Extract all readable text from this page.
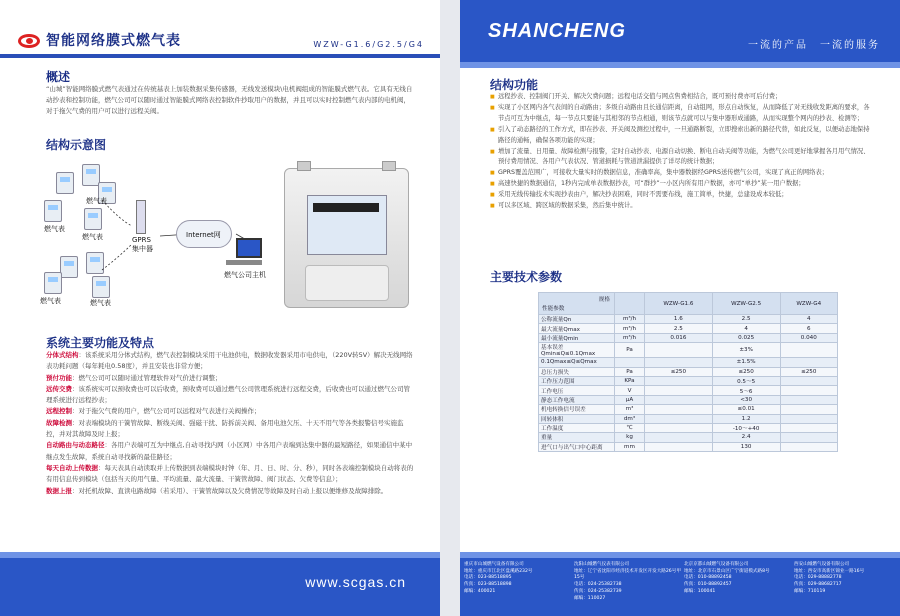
智能网络膜式燃气表	WZW-G1.6/G2.5/G4
概述
“山城”智能网络膜式燃气表通过在传统基表上加装数据采集传感器，无线发送模块\电机阀组成的智能膜式燃气表。它具有无线自动抄表和控制功能，燃气公司可以随时通过智能膜式网络表控制软件抄取用户的数据，并且可以实时控制燃气表内部的电机阀，对于拖欠气费的用户可以进行远程关阀。
结构示意图
燃气表
燃气表
燃气表
燃气表	燃气表
GPRS
集中器
Internet网
燃气公司主机
系统主要功能及特点

分体式结构：该系统采用分体式结构，燃气表控制模块采用干电池供电，数据收发器采用市电供电，（220V转5V）解决无线网络表功耗问题（每年耗电0.58度），并且安装也非常方便；

预付功能：燃气公司可以随时通过管理软件对气价进行调整；

远传交费：该系统实可以预收费也可以后收费，预收费可以通过燃气公司管理系统进行远程交费，后收费也可以通过燃气公司管理系统进行远程抄表；

远程控制：对于拖欠气费的用户，燃气公司可以远程对气表进行关阀操作；

故障检测：对表端模块的干簧管故障、断线关阀、强磁干扰、防拆前关阀、备用电池欠压、十天不用气等各类报警信号实施监控，并对其故障及时上报；

自动路由与动态路径：各用户表端可互为中继点,自动寻找内网（小区网）中各用户表端到达集中器的最短路径，如果通信中某中继点发生故障，系统自动寻找新的最佳路径；

每天自动上传数据：每天表具自动读取并上传数据到表端模块时钟（年、月、日、时、分、秒），同时各表端控制模块自动将表的有用信息传到模块（包括当天的用气量、平均流量、最大流量、干簧管故障、阀门状态、欠费等信息）；

数据上报：对托机故障、直读电路故障（若采用）、干簧管故障以及欠费情况等故障及时自动上报以便维修及故障排除。

www.scgas.cn
SHANCHENG
一流的产品　一流的服务
结构功能
■ 远程抄表、控制阀门开关、解决欠费问题；远程电话交值与网点售费相结合，既可预付费亦可后付费；
■ 实现了小区网内各气表间的自动路由；多级自动路由且长通信距离，自动组网，形点自动恢复，从而降低了对无线收发距离的要求，各节点可互为中继点，每一节点只要能与其相邻的节点相通，则该节点就可以与集中器形成通路，从而实现整个网内的抄表、检测等；
■ 引入了动态路径的工作方式，即在抄表、开关阀及测控过程中，一旦通路断裂，立即搜索出新的路径代替，如此反复，以便动态地保持路径的通畅，确保各项功能的实现；
■ 增加了流量、日用量、故障检测与报警，定时自动抄表、电源自动切换、断电自动关阀等功能，为燃气公司更好地掌握各月用气情况、预付费用情况、各用户气表状况、管道损耗与管道泄漏提供了详尽的统计数据；
■ GPRS覆盖范围广，可接收大量实时的数据信息，准确率高，集中器数据经GPRS送传燃气公司，实现了真正的网络表；
■ 高速快捷的数据通信，1秒内完成单表数据抄表，可“群抄”一小区内所有用户数据，亦可“单抄”某一用户数据；
■ 采用无线传输技术实现抄表由户，解决抄表困难，同时不需要布线，施工简单，快捷，总建设成本较低；
■ 可以多区域、跨区域的数据采集，然后集中统计。
主要技术参数
规格
性能参数		WZW-G1.6	WZW-G2.5	WZW-G4
公称流量Qn	m³/h	1.6	2.5	4
最大流量Qmax	m³/h	2.5	4	6
最小流量Qmin	m³/h	0.016	0.025	0.040
基本误差 Qmin≤Q≤0.1Qmax	Pa		±3%	
0.1Qmax≤Q≤Qmax			±1.5%	
总压力损失	Pa	≤250	≤250	≤250
工作压力范围	KPa		0.5～5	
工作电压	V		5～6	
静态工作电流	μA		<30	
机电转换信号误差	m³		≤0.01	
回转体积	dm³		1.2	
工作温度	℃		-10～+40	
重量	kg		2.4	
进气口与出气口中心距离	mm		130	
重庆市山城燃气设备有限公司
地址：重庆市江北区盘溪路232号
电话：023-88518895
传真：023-88518898
邮编：400021
沈阳山城燃气仪表有限公司
地址：辽宁省沈阳市经济技术开发区开发大路26号甲15号
电话：024-25382738
传真：024-25382739
邮编：110027
北京京都山城燃气设备有限公司
地址：北京市石景山区广宁街道模式路8号
电话：010-88892458
传真：010-88892457
邮编：100041
西安山城燃气设备有限公司
地址：西安市高新区锦业一路16号
电话：029-88882778
传真：029-88682717
邮编：710119
